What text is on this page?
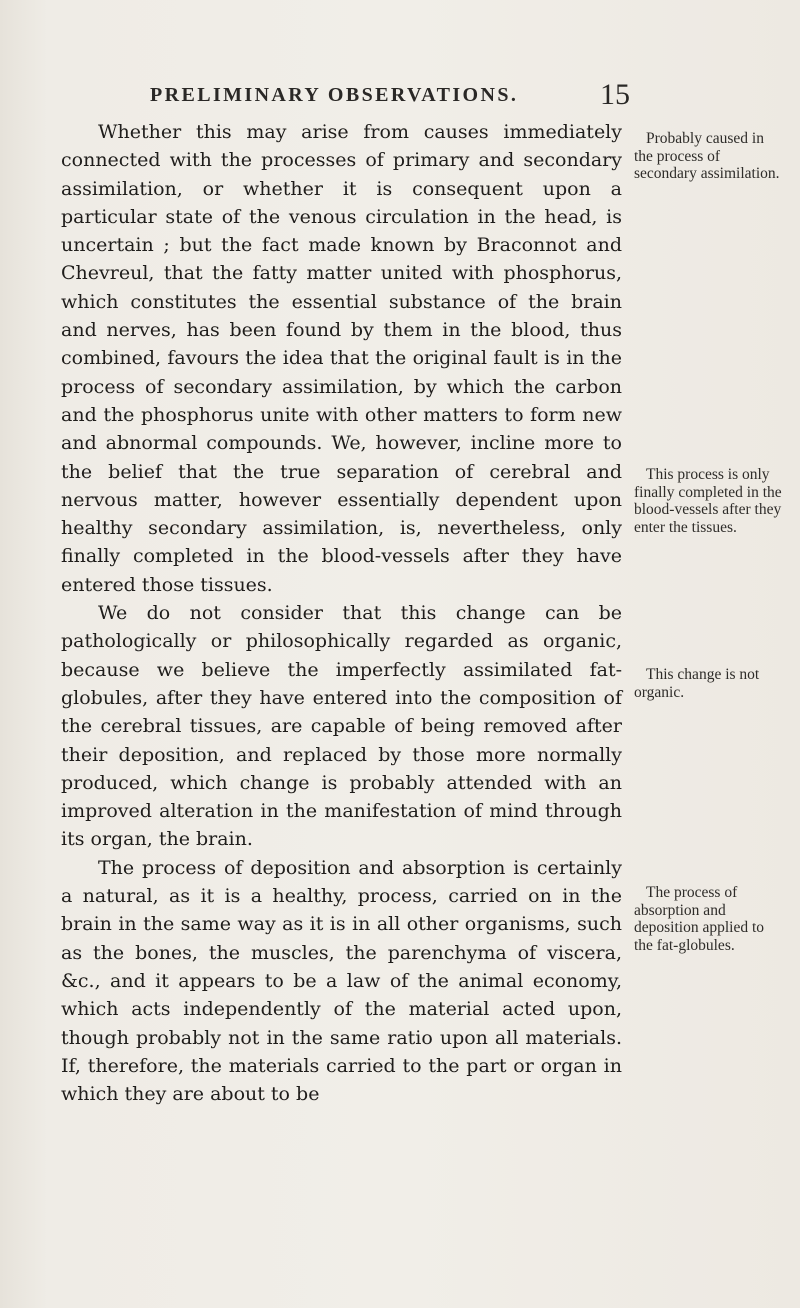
PRELIMINARY OBSERVATIONS.	15

Whether this may arise from causes immediately connected with the processes of primary and secondary assimilation, or whether it is consequent upon a particular state of the venous circulation in the head, is uncertain ; but the fact made known by Braconnot and Chevreul, that the fatty matter united with phosphorus, which constitutes the essential substance of the brain and nerves, has been found by them in the blood, thus combined, favours the idea that the original fault is in the process of secondary assimilation, by which the carbon and the phosphorus unite with other matters to form new and abnormal compounds. We, however, incline more to the belief that the true separation of cerebral and nervous matter, however essentially dependent upon healthy secondary assimilation, is, nevertheless, only finally completed in the blood-vessels after they have entered those tissues.

We do not consider that this change can be pathologically or philosophically regarded as organic, because we believe the imperfectly assimilated fat-globules, after they have entered into the composition of the cerebral tissues, are capable of being removed after their deposition, and replaced by those more normally produced, which change is probably attended with an improved alteration in the manifestation of mind through its organ, the brain.

The process of deposition and absorption is certainly a natural, as it is a healthy, process, carried on in the brain in the same way as it is in all other organisms, such as the bones, the muscles, the parenchyma of viscera, &c., and it appears to be a law of the animal economy, which acts independently of the material acted upon, though probably not in the same ratio upon all materials. If, therefore, the materials carried to the part or organ in which they are about to be

Probably caused in the process of secondary assimilation.
This process is only finally completed in the blood-vessels after they enter the tissues.
This change is not organic.
The process of absorption and deposition applied to the fat-globules.
